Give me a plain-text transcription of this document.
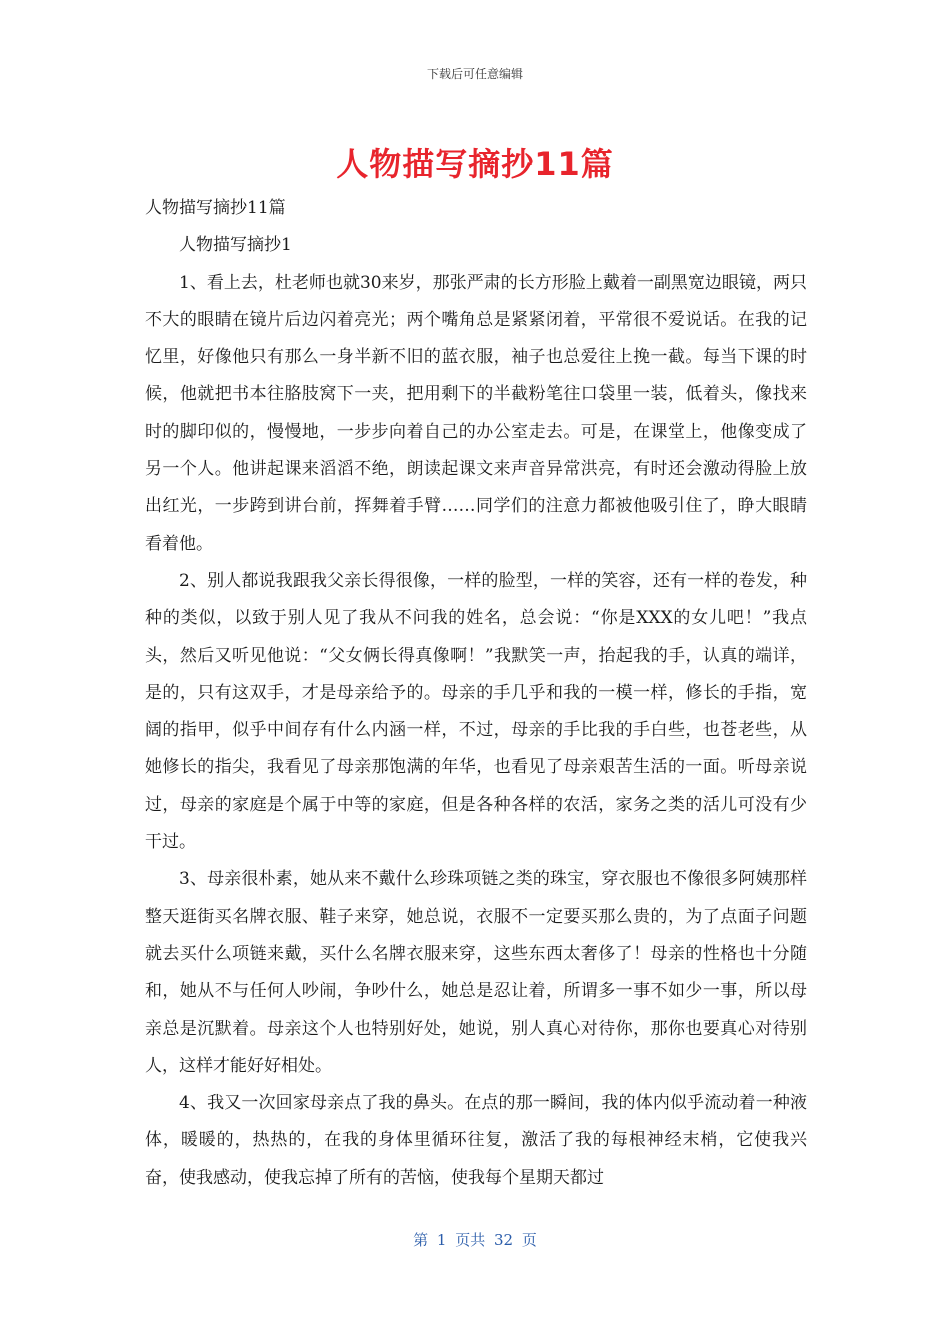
下载后可任意编辑
人物描写摘抄11篇

人物描写摘抄11篇

人物描写摘抄1

1、看上去，杜老师也就30来岁，那张严肃的长方形脸上戴着一副黑宽边眼镜，两只不大的眼睛在镜片后边闪着亮光；两个嘴角总是紧紧闭着，平常很不爱说话。在我的记忆里，好像他只有那么一身半新不旧的蓝衣服，袖子也总爱往上挽一截。每当下课的时候，他就把书本往胳肢窝下一夹，把用剩下的半截粉笔往口袋里一装，低着头，像找来时的脚印似的，慢慢地，一步步向着自己的办公室走去。可是，在课堂上，他像变成了另一个人。他讲起课来滔滔不绝，朗读起课文来声音异常洪亮，有时还会激动得脸上放出红光，一步跨到讲台前，挥舞着手臂……同学们的注意力都被他吸引住了，睁大眼睛看着他。

2、别人都说我跟我父亲长得很像，一样的脸型，一样的笑容，还有一样的卷发，种种的类似，以致于别人见了我从不问我的姓名，总会说：“你是XXX的女儿吧！”我点头，然后又听见他说：“父女俩长得真像啊！”我默笑一声，抬起我的手，认真的端详，是的，只有这双手，才是母亲给予的。母亲的手几乎和我的一模一样，修长的手指，宽阔的指甲，似乎中间存有什么内涵一样，不过，母亲的手比我的手白些，也苍老些，从她修长的指尖，我看见了母亲那饱满的年华，也看见了母亲艰苦生活的一面。听母亲说过，母亲的家庭是个属于中等的家庭，但是各种各样的农活，家务之类的活儿可没有少干过。

3、母亲很朴素，她从来不戴什么珍珠项链之类的珠宝，穿衣服也不像很多阿姨那样整天逛街买名牌衣服、鞋子来穿，她总说，衣服不一定要买那么贵的，为了点面子问题就去买什么项链来戴，买什么名牌衣服来穿，这些东西太奢侈了！母亲的性格也十分随和，她从不与任何人吵闹，争吵什么，她总是忍让着，所谓多一事不如少一事，所以母亲总是沉默着。母亲这个人也特别好处，她说，别人真心对待你，那你也要真心对待别人，这样才能好好相处。

4、我又一次回家母亲点了我的鼻头。在点的那一瞬间，我的体内似乎流动着一种液体，暖暖的，热热的，在我的身体里循环往复，激活了我的每根神经末梢，它使我兴奋，使我感动，使我忘掉了所有的苦恼，使我每个星期天都过

第 1 页共 32 页
